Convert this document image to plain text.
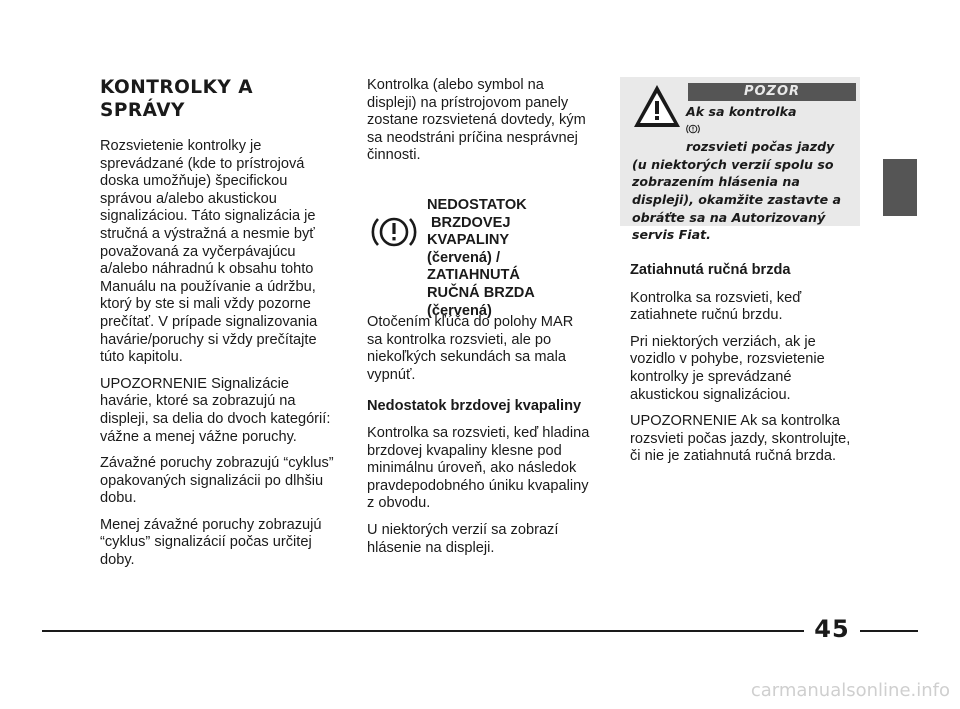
KONTROLKY A
SPRÁVY

Rozsvietenie kontrolky je sprevádzané (kde to prístrojová doska umožňuje) špecifickou správou a/alebo akustickou signalizáciou. Táto signalizácia je stručná a výstražná a nesmie byť považovaná za vyčerpávajúcu a/alebo náhradnú k obsahu tohto Manuálu na používanie a údržbu, ktorý by ste si mali vždy pozorne prečítať. V prípade signalizovania havárie/poruchy si vždy prečítajte túto kapitolu.

UPOZORNENIE Signalizácie havárie, ktoré sa zobrazujú na displeji, sa delia do dvoch kategórií: vážne a menej vážne poruchy.

Závažné poruchy zobrazujú “cyklus” opakovaných signalizácii po dlhšiu dobu.

Menej závažné poruchy zobrazujú “cyklus” signalizácií počas určitej doby.

Kontrolka (alebo symbol na displeji) na prístrojovom panely zostane rozsvietená dovtedy, kým sa neodstráni príčina nesprávnej činnosti.

NEDOSTATOK
BRZDOVEJ
KVAPALINY
(červená) /
ZATIAHNUTÁ
RUČNÁ BRZDA
(červená)

Otočením kľúča do polohy MAR sa kontrolka rozsvieti, ale po niekoľkých sekundách sa mala vypnúť.

Nedostatok brzdovej kvapaliny

Kontrolka sa rozsvieti, keď hladina brzdovej kvapaliny klesne pod minimálnu úroveň, ako následok pravdepodobného úniku kvapaliny z obvodu.

U niektorých verzií sa zobrazí hlásenie na displeji.

POZOR
Ak sa kontrolka
rozsvieti počas jazdy
(u niektorých verzií spolu so
zobrazením hlásenia na
displeji), okamžite zastavte a
obráťte sa na Autorizovaný
servis Fiat.

Zatiahnutá ručná brzda

Kontrolka sa rozsvieti, keď zatiahnete ručnú brzdu.

Pri niektorých verziách, ak je vozidlo v pohybe, rozsvietenie kontrolky je sprevádzané akustickou signalizáciou.

UPOZORNENIE Ak sa kontrolka rozsvieti počas jazdy, skontrolujte, či nie je zatiahnutá ručná brzda.

45
carmanualsonline.info
